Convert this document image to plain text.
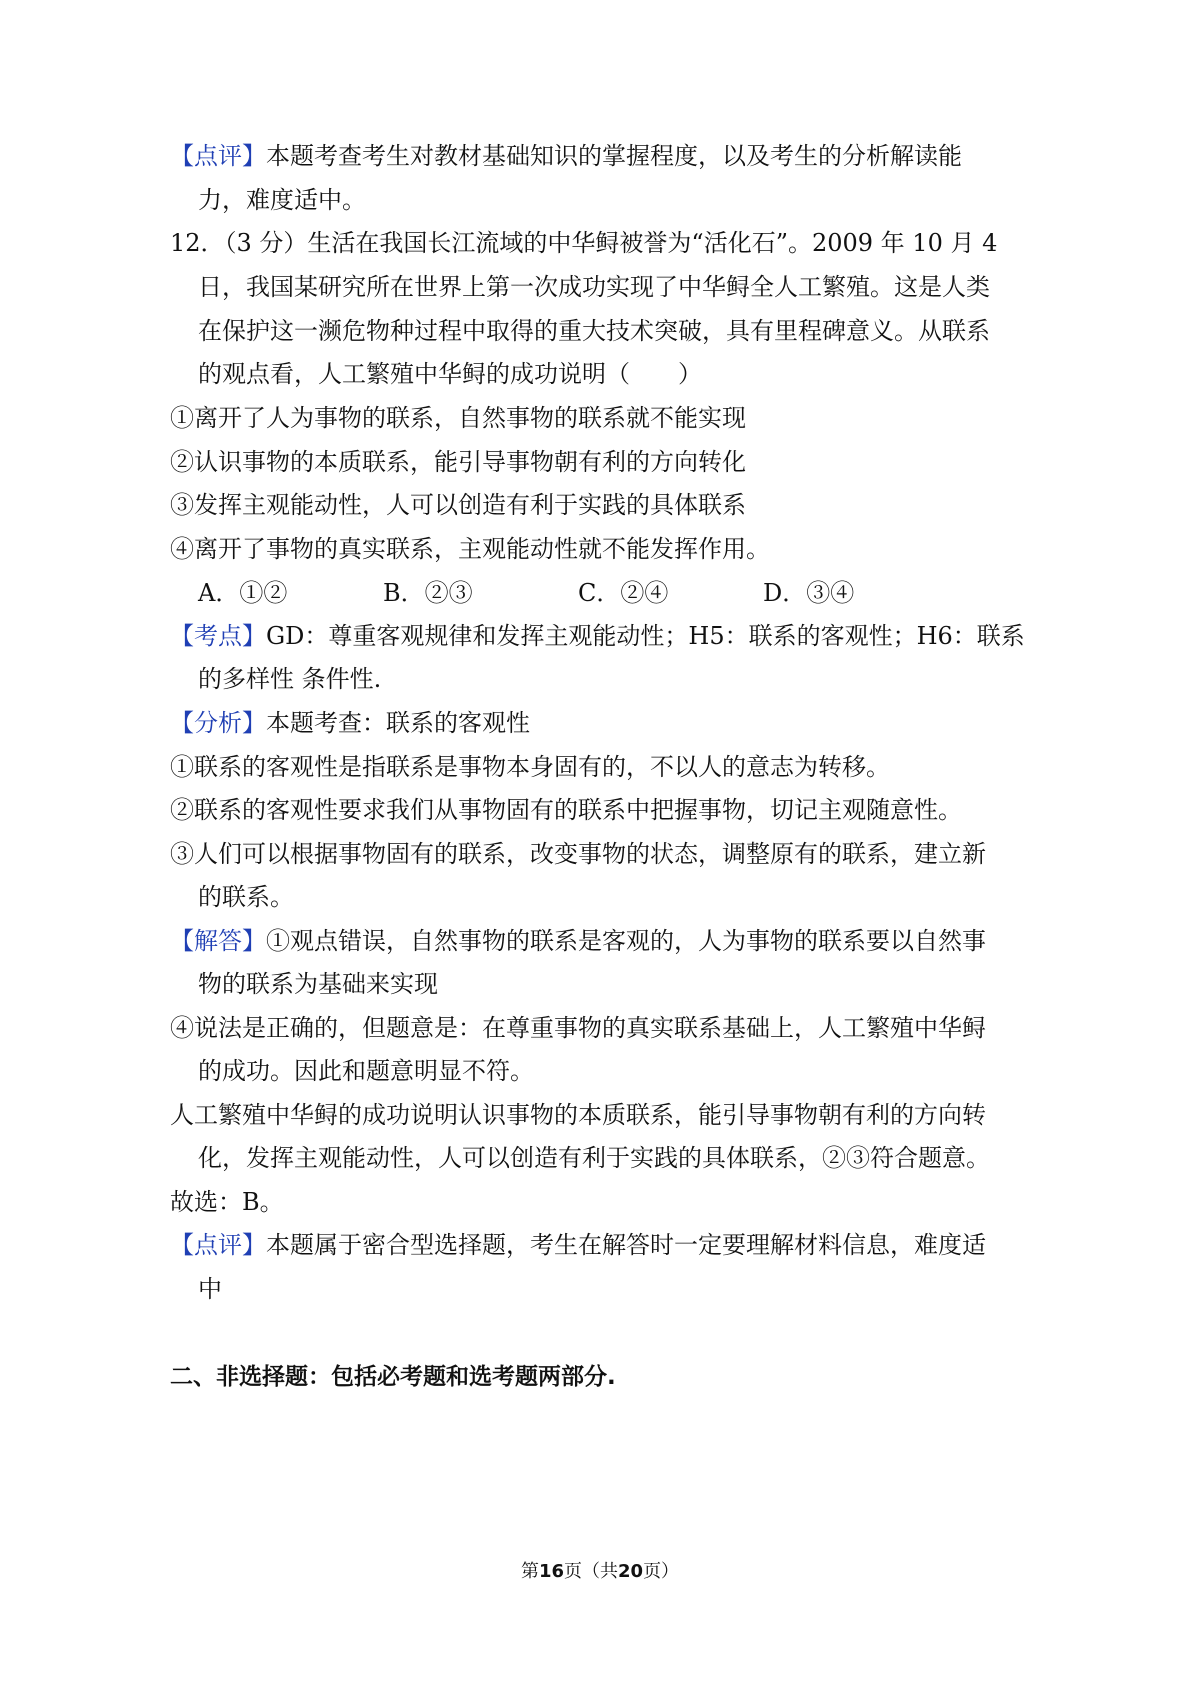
【点评】本题考查考生对教材基础知识的掌握程度，以及考生的分析解读能
力，难度适中。
12．（3 分）生活在我国长江流域的中华鲟被誉为“活化石”。2009 年 10 月 4
日，我国某研究所在世界上第一次成功实现了中华鲟全人工繁殖。这是人类
在保护这一濒危物种过程中取得的重大技术突破，具有里程碑意义。从联系
的观点看，人工繁殖中华鲟的成功说明（　　）
①离开了人为事物的联系，自然事物的联系就不能实现
②认识事物的本质联系，能引导事物朝有利的方向转化
③发挥主观能动性，人可以创造有利于实践的具体联系
④离开了事物的真实联系，主观能动性就不能发挥作用。
A．①②	B．②③	C．②④	D．③④
【考点】GD：尊重客观规律和发挥主观能动性；H5：联系的客观性；H6：联系
的多样性 条件性.
【分析】本题考查：联系的客观性
①联系的客观性是指联系是事物本身固有的，不以人的意志为转移。
②联系的客观性要求我们从事物固有的联系中把握事物，切记主观随意性。
③人们可以根据事物固有的联系，改变事物的状态，调整原有的联系，建立新
的联系。
【解答】①观点错误，自然事物的联系是客观的，人为事物的联系要以自然事
物的联系为基础来实现
④说法是正确的，但题意是：在尊重事物的真实联系基础上，人工繁殖中华鲟
的成功。因此和题意明显不符。
人工繁殖中华鲟的成功说明认识事物的本质联系，能引导事物朝有利的方向转
化，发挥主观能动性，人可以创造有利于实践的具体联系，②③符合题意。
故选：B。
【点评】本题属于密合型选择题，考生在解答时一定要理解材料信息，难度适
中
二、非选择题：包括必考题和选考题两部分.
第16页（共20页）
